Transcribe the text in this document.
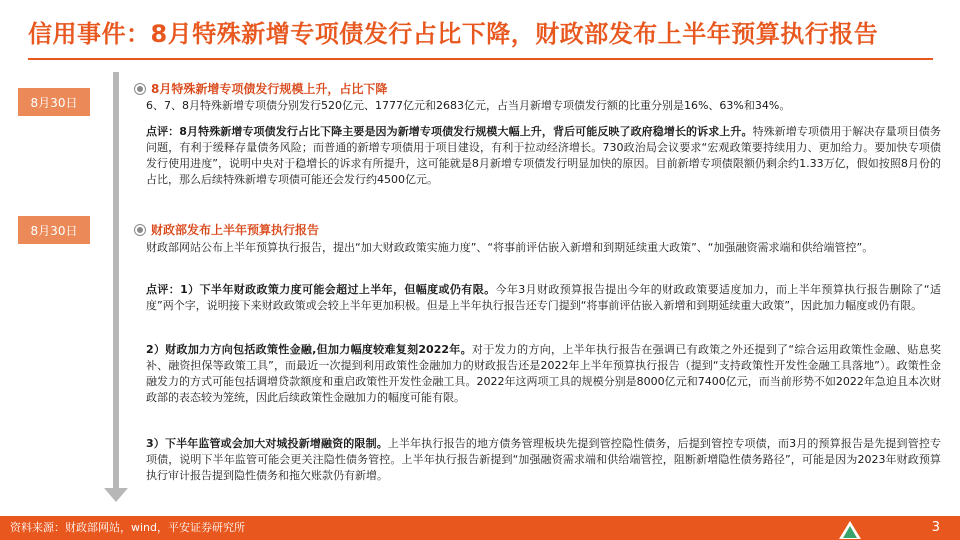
信用事件：8月特殊新增专项债发行占比下降，财政部发布上半年预算执行报告
8月30日
8月特殊新增专项债发行规模上升，占比下降
6、7、8月特殊新增专项债分别发行520亿元、1777亿元和2683亿元，占当月新增专项债发行额的比重分别是16%、63%和34%。
点评：8月特殊新增专项债发行占比下降主要是因为新增专项债发行规模大幅上升，背后可能反映了政府稳增长的诉求上升。特殊新增专项债用于解决存量项目债务问题，有利于缓释存量债务风险；而普通的新增专项债用于项目建设，有利于拉动经济增长。730政治局会议要求“宏观政策要持续用力、更加给力。要加快专项债发行使用进度”，说明中央对于稳增长的诉求有所提升，这可能就是8月新增专项债发行明显加快的原因。目前新增专项债限额仍剩余约1.33万亿，假如按照8月份的占比，那么后续特殊新增专项债可能还会发行约4500亿元。
8月30日	财政部发布上半年预算执行报告
财政部网站公布上半年预算执行报告，提出“加大财政政策实施力度”、“将事前评估嵌入新增和到期延续重大政策”、“加强融资需求端和供给端管控”。
点评：1）下半年财政政策力度可能会超过上半年，但幅度或仍有限。今年3月财政预算报告提出今年的财政政策要适度加力，而上半年预算执行报告删除了“适度”两个字，说明接下来财政政策或会较上半年更加积极。但是上半年执行报告还专门提到“将事前评估嵌入新增和到期延续重大政策”，因此加力幅度或仍有限。
2）财政加力方向包括政策性金融,但加力幅度较难复刻2022年。对于发力的方向，上半年执行报告在强调已有政策之外还提到了“综合运用政策性金融、贴息奖补、融资担保等政策工具”，而最近一次提到利用政策性金融加力的财政报告还是2022年上半年预算执行报告（提到“支持政策性开发性金融工具落地”）。政策性金融发力的方式可能包括调增贷款额度和重启政策性开发性金融工具。2022年这两项工具的规模分别是8000亿元和7400亿元，而当前形势不如2022年急迫且本次财政部的表态较为笼统，因此后续政策性金融加力的幅度可能有限。
3）下半年监管或会加大对城投新增融资的限制。上半年执行报告的地方债务管理板块先提到管控隐性债务，后提到管控专项债，而3月的预算报告是先提到管控专项债，说明下半年监管可能会更关注隐性债务管控。上半年执行报告新提到“加强融资需求端和供给端管控，阻断新增隐性债务路径”，可能是因为2023年财政预算执行审计报告提到隐性债务和拖欠账款仍有新增。
资料来源：财政部网站，wind，平安证券研究所	3
